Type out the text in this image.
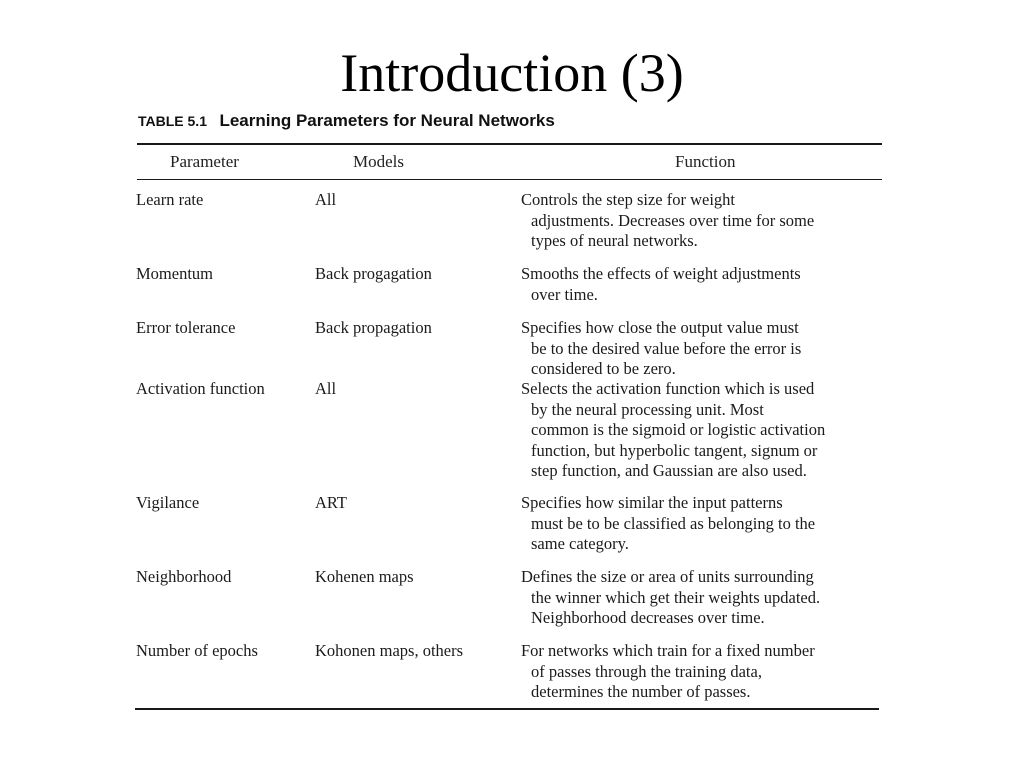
Introduction (3)
TABLE 5.1 Learning Parameters for Neural Networks
Parameter	Models	Function
Learn rate	All	Controls the step size for weight
adjustments. Decreases over time for some
types of neural networks.
Momentum	Back progagation	Smooths the effects of weight adjustments
over time.
Error tolerance	Back propagation	Specifies how close the output value must
be to the desired value before the error is
considered to be zero.
Activation function	All	Selects the activation function which is used
by the neural processing unit. Most
common is the sigmoid or logistic activation
function, but hyperbolic tangent, signum or
step function, and Gaussian are also used.
Vigilance	ART	Specifies how similar the input patterns
must be to be classified as belonging to the
same category.
Neighborhood	Kohenen maps	Defines the size or area of units surrounding
the winner which get their weights updated.
Neighborhood decreases over time.
Number of epochs	Kohonen maps, others	For networks which train for a fixed number
of passes through the training data,
determines the number of passes.
